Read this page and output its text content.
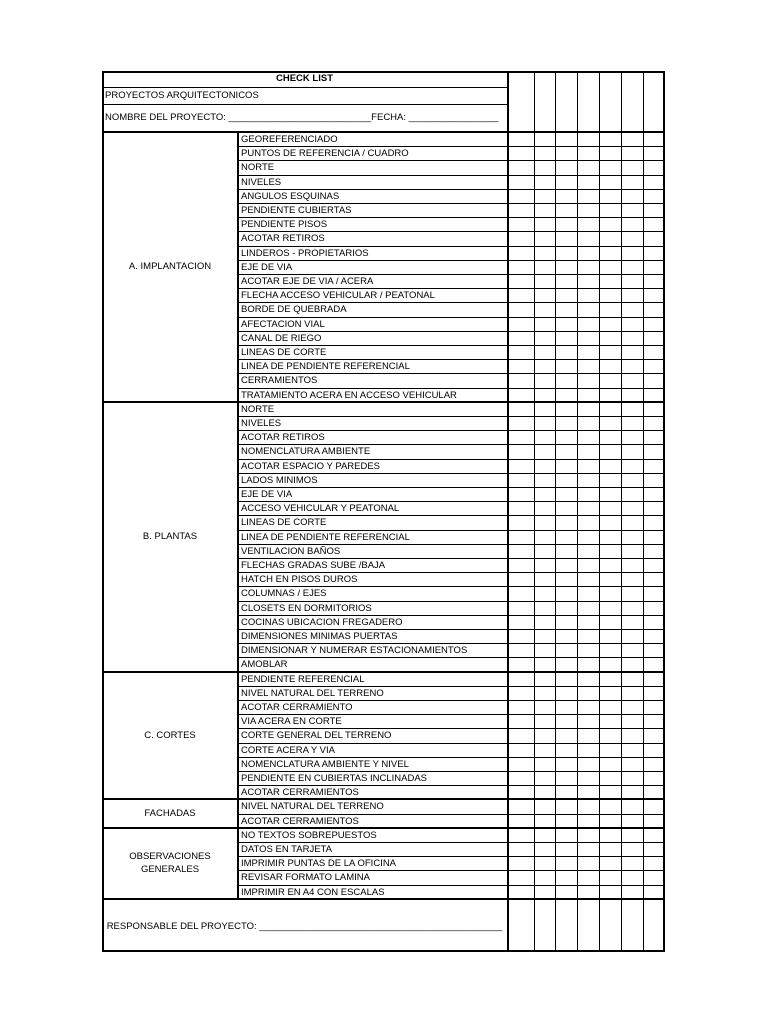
CHECK LIST
PROYECTOS ARQUITECTONICOS
NOMBRE DEL PROYECTO: ___________________________FECHA: _________________
RESPONSABLE DEL PROYECTO: ______________________________________________
GEOREFERENCIADO
PUNTOS DE REFERENCIA / CUADRO
NORTE
NIVELES
ANGULOS ESQUINAS
PENDIENTE CUBIERTAS
PENDIENTE PISOS
ACOTAR RETIROS
LINDEROS - PROPIETARIOS
EJE DE VIA
ACOTAR EJE DE VIA / ACERA
FLECHA ACCESO VEHICULAR / PEATONAL
BORDE DE QUEBRADA
AFECTACION VIAL
CANAL DE RIEGO
LINEAS DE CORTE
LINEA DE PENDIENTE REFERENCIAL
CERRAMIENTOS
TRATAMIENTO ACERA EN ACCESO VEHICULAR
A. IMPLANTACION
NORTE
NIVELES
ACOTAR RETIROS
NOMENCLATURA AMBIENTE
ACOTAR ESPACIO Y PAREDES
LADOS MINIMOS
EJE DE VIA
ACCESO VEHICULAR Y PEATONAL
LINEAS DE CORTE
LINEA DE PENDIENTE REFERENCIAL
VENTILACION BAÑOS
FLECHAS GRADAS SUBE /BAJA
HATCH EN PISOS DUROS
COLUMNAS / EJES
CLOSETS EN DORMITORIOS
COCINAS UBICACION FREGADERO
DIMENSIONES MINIMAS PUERTAS
DIMENSIONAR Y NUMERAR ESTACIONAMIENTOS
AMOBLAR
B. PLANTAS
PENDIENTE REFERENCIAL
NIVEL NATURAL DEL TERRENO
ACOTAR CERRAMIENTO
VIA ACERA EN CORTE
CORTE GENERAL DEL TERRENO
CORTE ACERA Y VIA
NOMENCLATURA AMBIENTE Y NIVEL
PENDIENTE EN CUBIERTAS INCLINADAS
ACOTAR CERRAMIENTOS
C. CORTES
NIVEL NATURAL DEL TERRENO
ACOTAR CERRAMIENTOS
FACHADAS
NO TEXTOS SOBREPUESTOS
DATOS EN TARJETA
IMPRIMIR PUNTAS DE LA OFICINA
REVISAR FORMATO LAMINA
IMPRIMIR EN A4 CON ESCALAS
OBSERVACIONES GENERALES
